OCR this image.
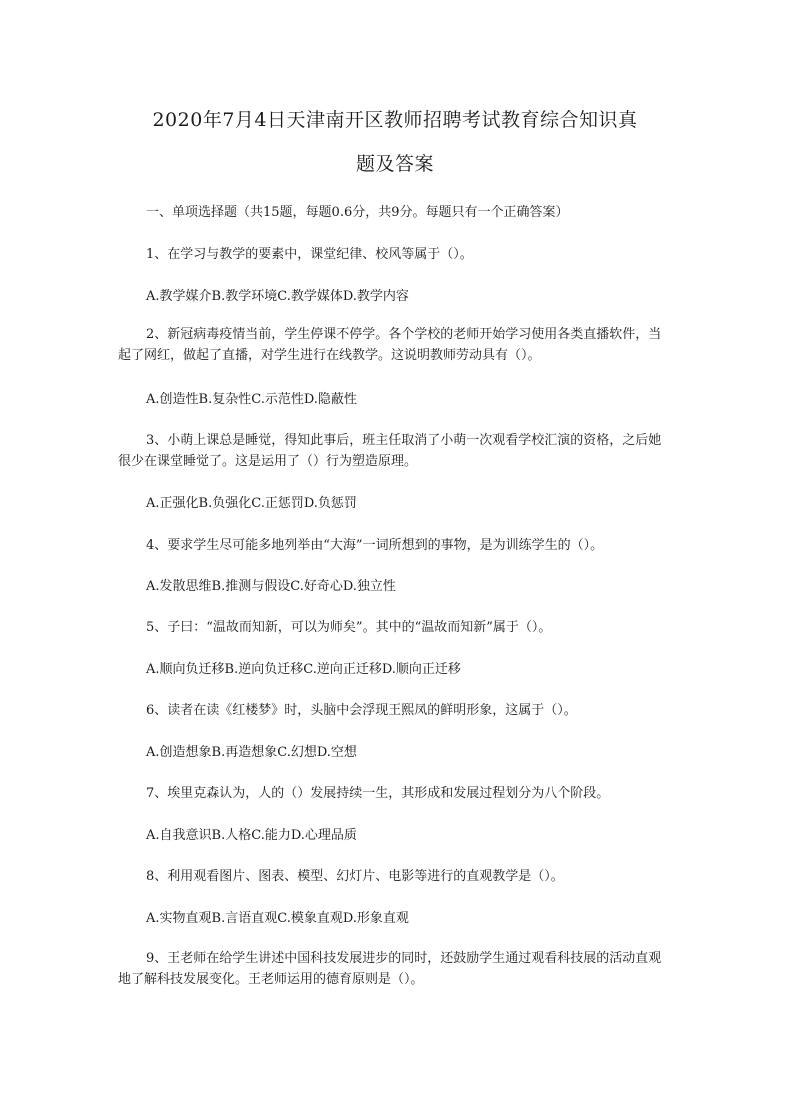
2020年7月4日天津南开区教师招聘考试教育综合知识真
题及答案

一、单项选择题（共15题，每题0.6分，共9分。每题只有一个正确答案）

1、在学习与教学的要素中，课堂纪律、校风等属于（）。

A.教学媒介B.教学环境C.教学媒体D.教学内容

2、新冠病毒疫情当前，学生停课不停学。各个学校的老师开始学习使用各类直播软件，当起了网红，做起了直播，对学生进行在线教学。这说明教师劳动具有（）。

A.创造性B.复杂性C.示范性D.隐蔽性

3、小萌上课总是睡觉，得知此事后，班主任取消了小萌一次观看学校汇演的资格，之后她很少在课堂睡觉了。这是运用了（）行为塑造原理。

A.正强化B.负强化C.正惩罚D.负惩罚

4、要求学生尽可能多地列举由“大海”一词所想到的事物，是为训练学生的（）。

A.发散思维B.推测与假设C.好奇心D.独立性

5、子曰：“温故而知新，可以为师矣”。其中的“温故而知新”属于（）。

A.顺向负迁移B.逆向负迁移C.逆向正迁移D.顺向正迁移

6、读者在读《红楼梦》时，头脑中会浮现王熙凤的鲜明形象，这属于（）。

A.创造想象B.再造想象C.幻想D.空想

7、埃里克森认为，人的（）发展持续一生，其形成和发展过程划分为八个阶段。

A.自我意识B.人格C.能力D.心理品质

8、利用观看图片、图表、模型、幻灯片、电影等进行的直观教学是（）。

A.实物直观B.言语直观C.模象直观D.形象直观

9、王老师在给学生讲述中国科技发展进步的同时，还鼓励学生通过观看科技展的活动直观地了解科技发展变化。王老师运用的德育原则是（）。
